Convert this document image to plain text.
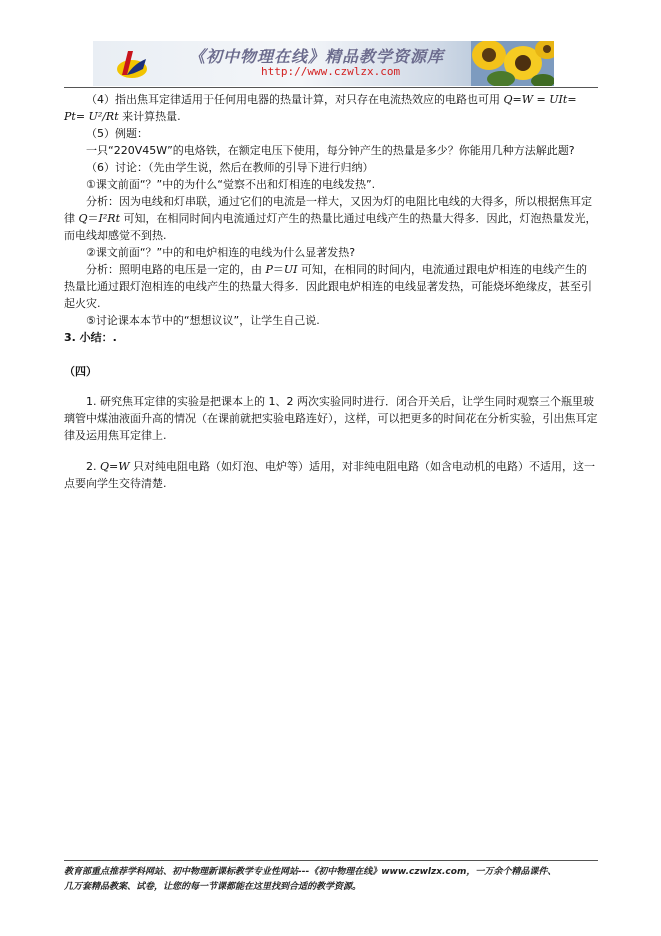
《初中物理在线》精品教学资源库
http://www.czwlzx.com

（4）指出焦耳定律适用于任何用电器的热量计算，对只存在电流热效应的电路也可用 Q=W = UIt= Pt= U²/Rt 来计算热量.

（5）例题：

一只“220V45W”的电烙铁，在额定电压下使用，每分钟产生的热量是多少？你能用几种方法解此题?

（6）讨论：（先由学生说，然后在教师的引导下进行归纳）

①课文前面“？”中的为什么“觉察不出和灯相连的电线发热”.

分析：因为电线和灯串联，通过它们的电流是一样大，又因为灯的电阻比电线的大得多，所以根据焦耳定律 Q＝I²Rt 可知，在相同时间内电流通过灯产生的热量比通过电线产生的热量大得多．因此，灯泡热量发光，而电线却感觉不到热.

②课文前面“？”中的和电炉相连的电线为什么显著发热?

分析：照明电路的电压是一定的，由 P＝UI 可知，在相同的时间内，电流通过跟电炉相连的电线产生的热量比通过跟灯泡相连的电线产生的热量大得多．因此跟电炉相连的电线显著发热，可能烧坏绝缘皮，甚至引起火灾.

⑤讨论课本本节中的“想想议议”，让学生自己说.

3. 小结：.

（四）

1. 研究焦耳定律的实验是把课本上的 1、2 两次实验同时进行．闭合开关后，让学生同时观察三个瓶里玻璃管中煤油液面升高的情况（在课前就把实验电路连好），这样，可以把更多的时间花在分析实验，引出焦耳定律及运用焦耳定律上.

2. Q=W 只对纯电阻电路（如灯泡、电炉等）适用，对非纯电阻电路（如含电动机的电路）不适用，这一点要向学生交待清楚.

教育部重点推荐学科网站、初中物理新课标教学专业性网站---《初中物理在线》www.czwlzx.com，一万余个精品课件、
几万套精品教案、试卷，让您的每一节课都能在这里找到合适的教学资源。
